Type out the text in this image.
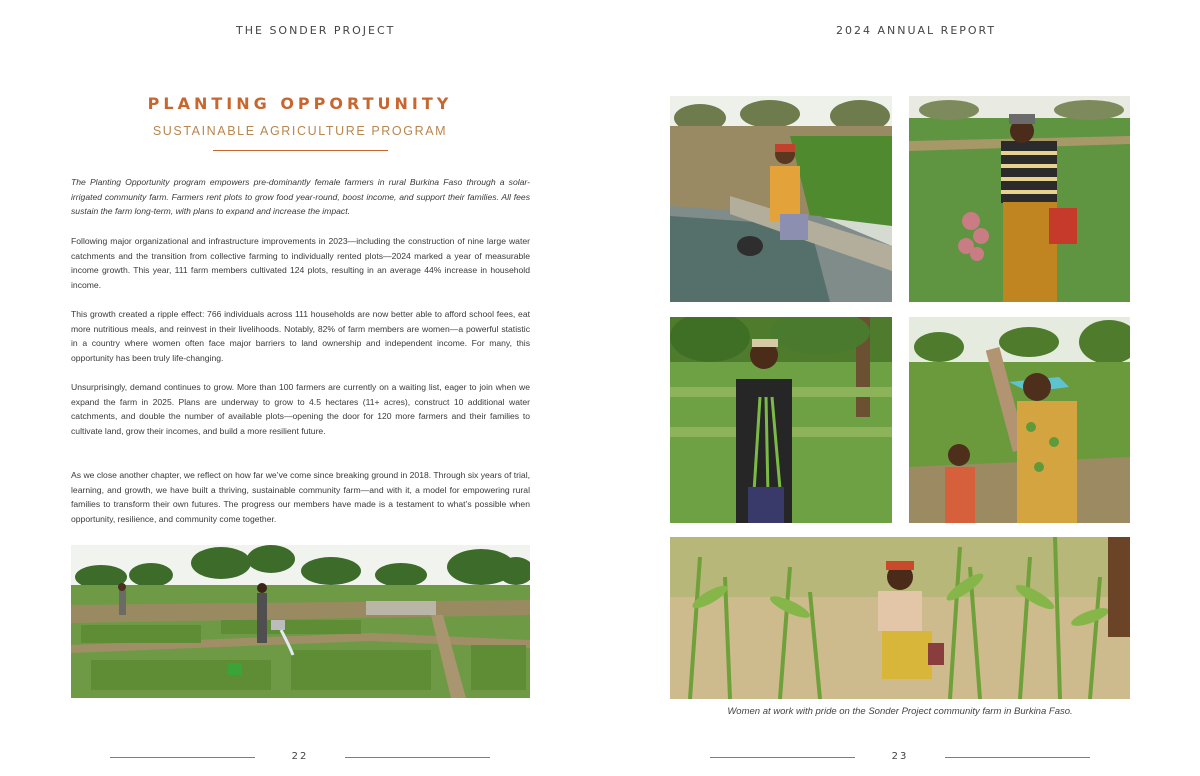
THE SONDER PROJECT
PLANTING OPPORTUNITY
SUSTAINABLE AGRICULTURE PROGRAM

The Planting Opportunity program empowers pre-dominantly female farmers in rural Burkina Faso through a solar-irrigated community farm. Farmers rent plots to grow food year-round, boost income, and support their families. All fees sustain the farm long-term, with plans to expand and increase the impact.

Following major organizational and infrastructure improvements in 2023—including the construction of nine large water catchments and the transition from collective farming to individually rented plots—2024 marked a year of measurable income growth. This year, 111 farm members cultivated 124 plots, resulting in an average 44% increase in household income.

This growth created a ripple effect: 766 individuals across 111 households are now better able to afford school fees, eat more nutritious meals, and reinvest in their livelihoods. Notably, 82% of farm members are women—a powerful statistic in a country where women often face major barriers to land ownership and independent income. For many, this opportunity has been truly life-changing.

Unsurprisingly, demand continues to grow. More than 100 farmers are currently on a waiting list, eager to join when we expand the farm in 2025. Plans are underway to grow to 4.5 hectares (11+ acres), construct 10 additional water catchments, and double the number of available plots—opening the door for 120 more farmers and their families to cultivate land, grow their incomes, and build a more resilient future.

As we close another chapter, we reflect on how far we’ve come since breaking ground in 2018. Through six years of trial, learning, and growth, we have built a thriving, sustainable community farm—and with it, a model for empowering rural families to transform their own futures. The progress our members have made is a testament to what’s possible when opportunity, resilience, and community come together.

22
2024 ANNUAL REPORT
Women at work with pride on the Sonder Project community farm in Burkina Faso.
23
